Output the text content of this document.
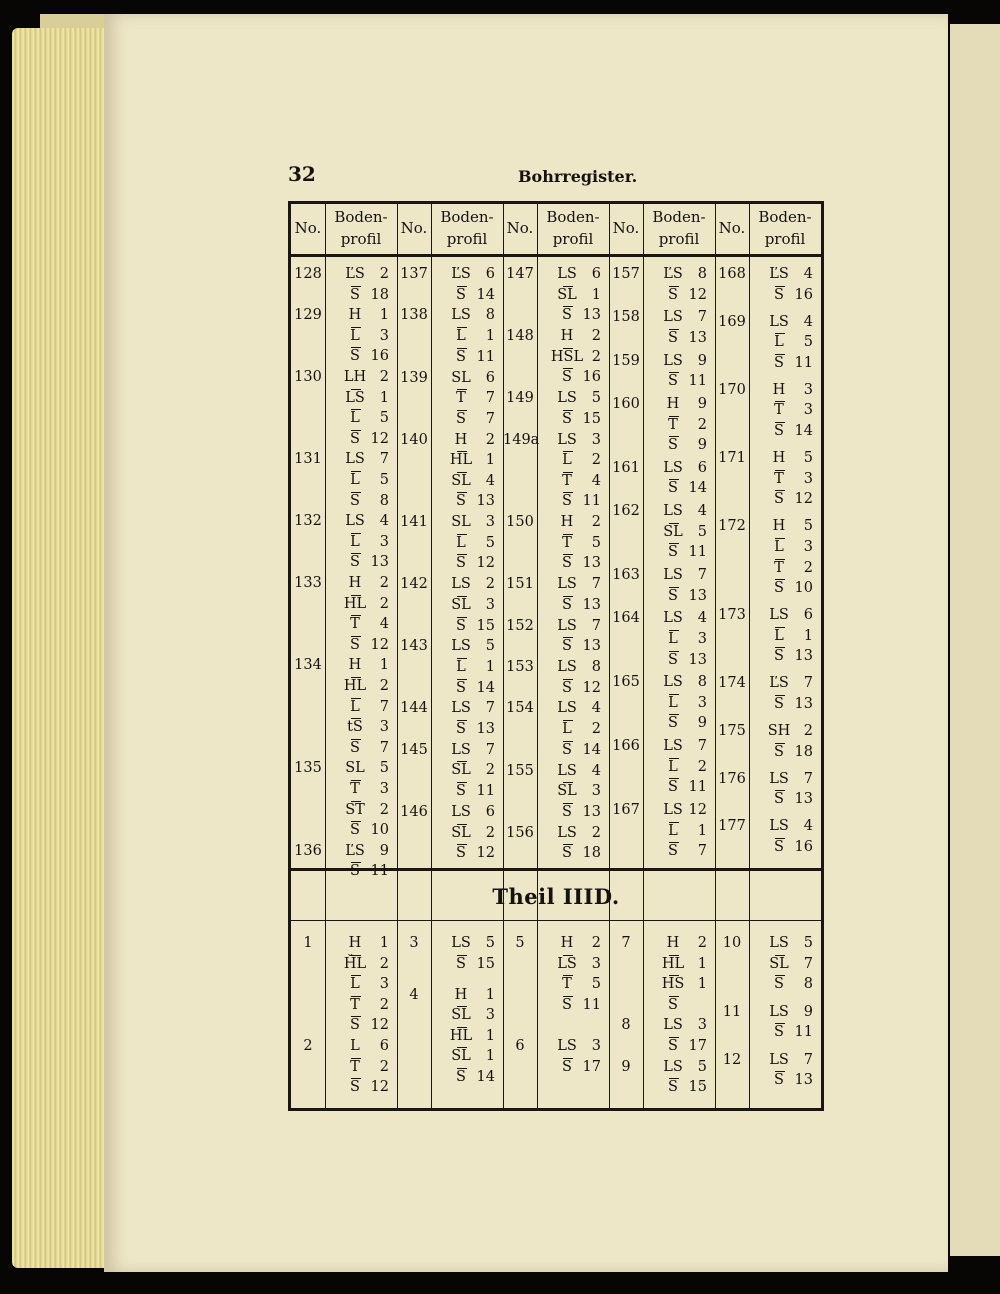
32	Bohrregister.
Theil IIID.
No.
Boden-
profil
No.
Boden-
profil
No.
Boden-
profil
No.
Boden-
profil
No.
Boden-
profil
128	ĽS	2
S 18
129	H	1
L	3
S 16
130	LH 2
LS	1
L	5
S 12
131	LS	7
L	5
S	8
132	LS	4
L	3
S 13
133	H	2
HL 2
T	4
S 12
134	H	1
HL 2
L	7
tS	3
S	7
135	SL	5
T	3
ST	2
S 10
136	ĽS	9
S 11
137	ĽS	6
S 14
138	LS	8
L	1
S 11
139	SL	6
T	7
S	7
140	H	2
HL 1
SL	4
S 13
141	SL	3
L	5
S 12
142	LS	2
SL	3
S 15
143	LS	5
L	1
S 14
144	LS	7
S 13
145	LS	7
SL	2
S 11
146	LS	6
SL	2
S 12
147	LS	6
SL	1
S 13
148	H	2
HSL 2
S 16
149	LS	5
S 15
149a	LS	3
L	2
T	4
S 11
150	H	2
T	5
S 13
151	LS	7
S 13
152	LS	7
S 13
153	LS	8
S 12
154	LS	4
L	2
S 14
155	LS	4
SL	3
S 13
156	LS	2
S 18
157	ĽS	8
S 12
158	LS	7
S 13
159	LS	9
S 11
160	H	9
T	2
S	9
161	LS	6
S 14
162	LS	4
SL	5
S 11
163	LS	7
S 13
164	LS	4
L	3
S 13
165	LS	8
L	3
S	9
166	LS	7
L	2
S 11
167	LS 12
L	1
S	7
168	ĽS	4
S 16
169	LS	4
L	5
S 11
170	H	3
T	3
S 14
171	H	5
T	3
S 12
172	H	5
L	3
T	2
S 10
173	LS	6
L	1
S 13
174	ĽS	7
S 13
175	SH 2
S 18
176	LS	7
S 13
177	LS	4
S 16
1	H	1
ȞL 2
L	3
T	2
S 12
2	L	6
T	2
S 12
3	LS	5
S 15
4	H	1
SL	3
HL 1
SL	1
S 14
5	H	2
LS	3
T	5
S 11
6	LS	3
S 17
7	H	2
HL 1
HS 1
S
8	LS	3
S 17
9	LS	5
S 15
10	LS	5
SL	7
S	8
11	LS	9
S 11
12	LS	7
S 13
